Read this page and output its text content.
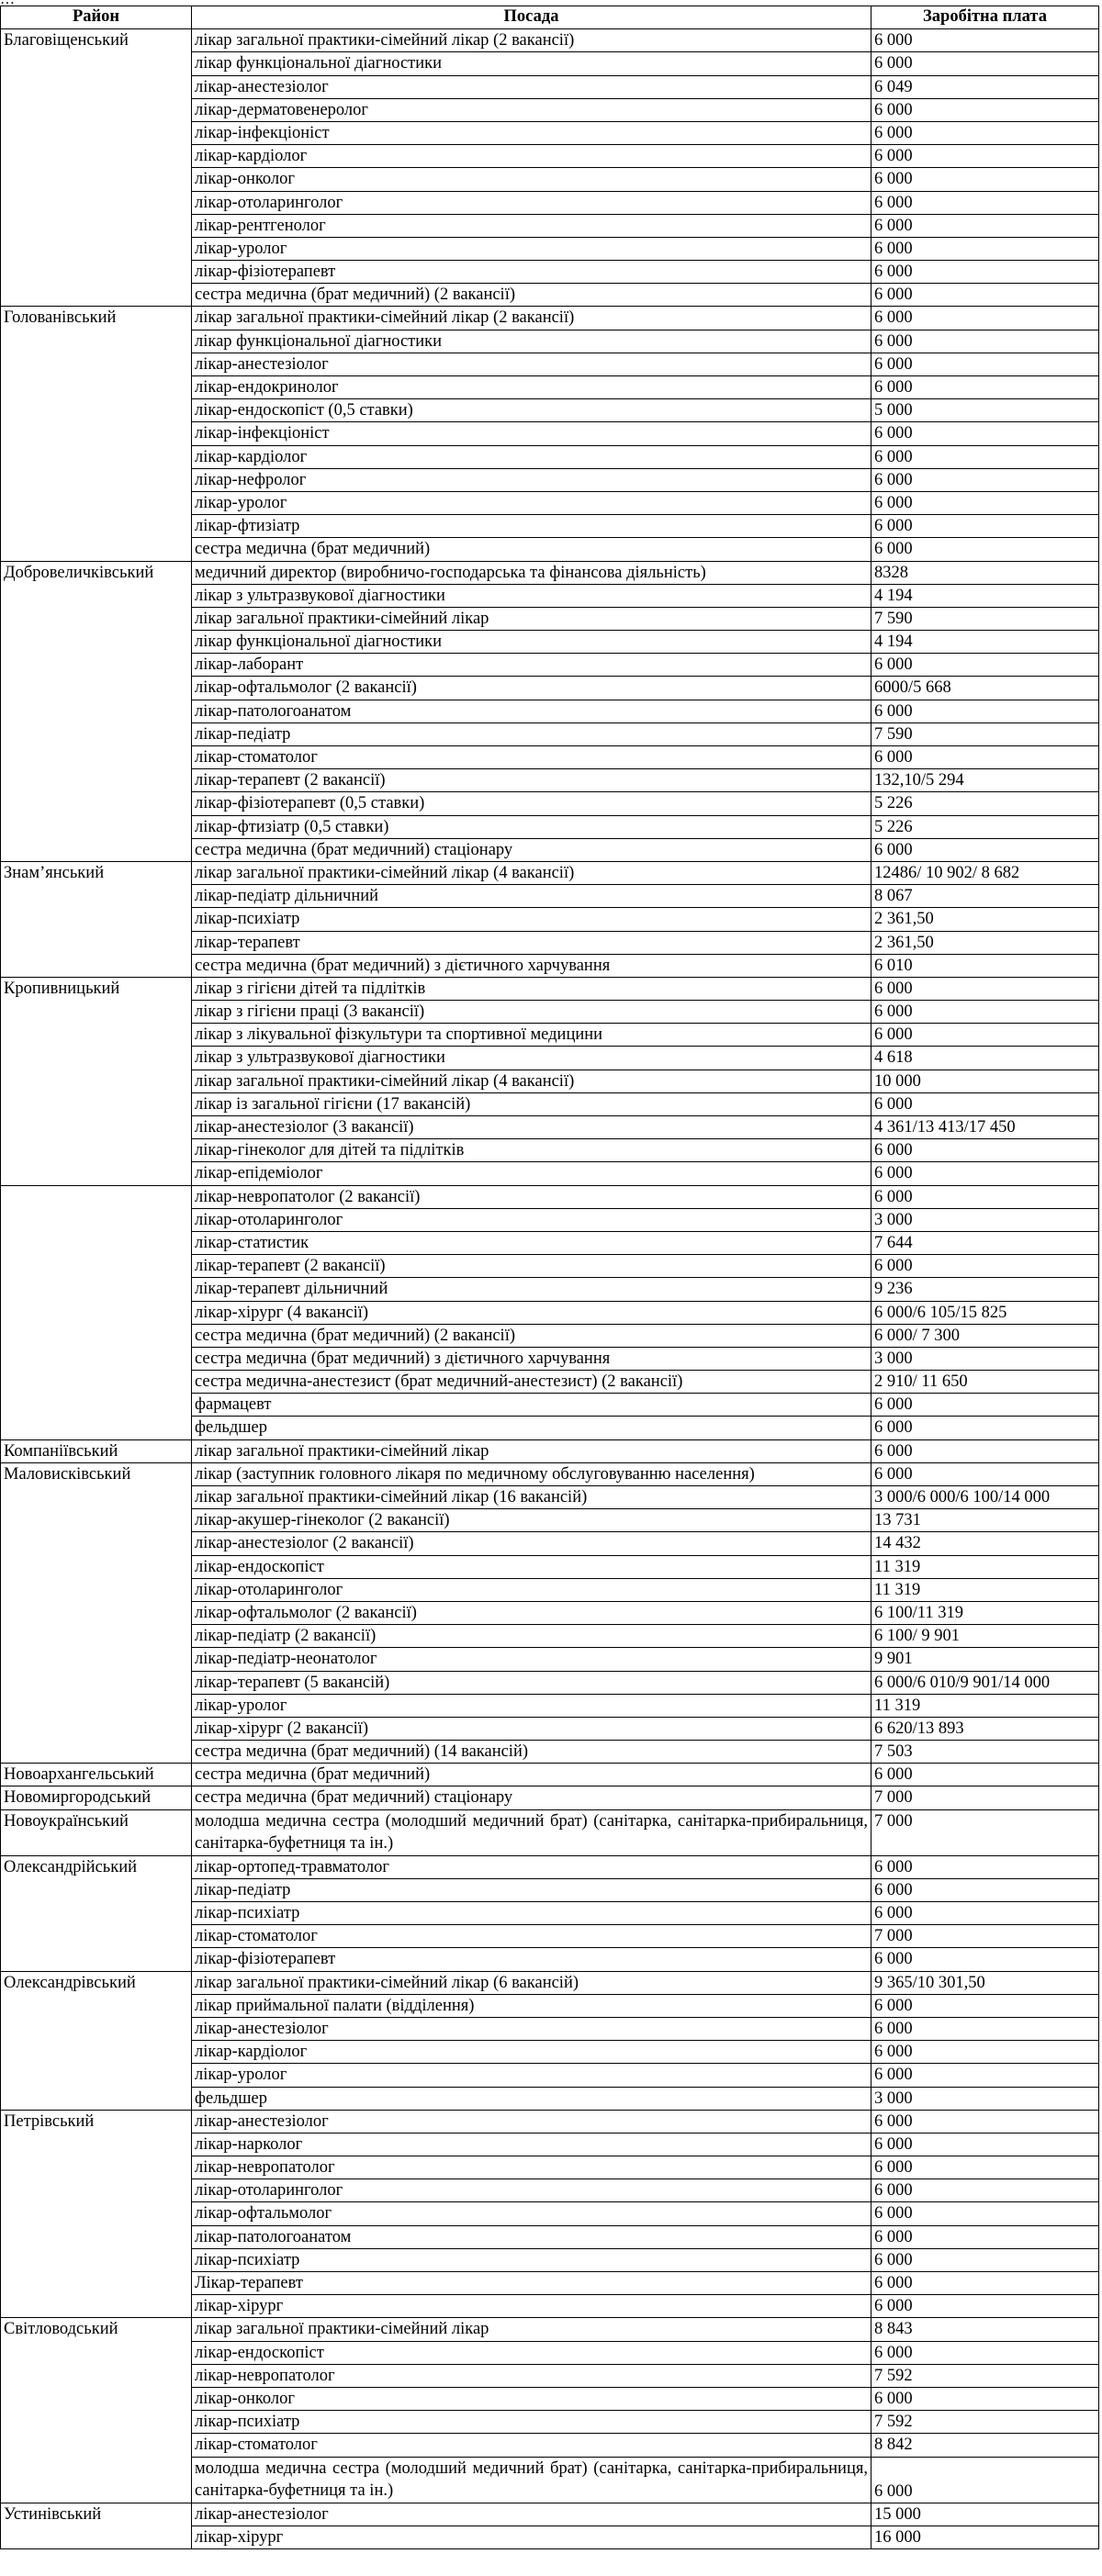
Район	Посада	Заробітна плата
Благовіщенський	лікар загальної практики-сімейний лікар (2 вакансії)	6 000
	лікар функціональної діагностики	6 000
	лікар-анестезіолог	6 049
	лікар-дерматовенеролог	6 000
	лікар-інфекціоніст	6 000
	лікар-кардіолог	6 000
	лікар-онколог	6 000
	лікар-отоларинголог	6 000
	лікар-рентгенолог	6 000
	лікар-уролог	6 000
	лікар-фізіотерапевт	6 000
	сестра медична (брат медичний) (2 вакансії)	6 000
Голованівський	лікар загальної практики-сімейний лікар (2 вакансії)	6 000
	лікар функціональної діагностики	6 000
	лікар-анестезіолог	6 000
	лікар-ендокринолог	6 000
	лікар-ендоскопіст (0,5 ставки)	5 000
	лікар-інфекціоніст	6 000
	лікар-кардіолог	6 000
	лікар-нефролог	6 000
	лікар-уролог	6 000
	лікар-фтизіатр	6 000
	сестра медична (брат медичний)	6 000
Добровеличківський	медичний директор (виробничо-господарська та фінансова діяльність)	8328
	лікар з ультразвукової діагностики	4 194
	лікар загальної практики-сімейний лікар	7 590
	лікар функціональної діагностики	4 194
	лікар-лаборант	6 000
	лікар-офтальмолог (2 вакансії)	6000/5 668
	лікар-патологоанатом	6 000
	лікар-педіатр	7 590
	лікар-стоматолог	6 000
	лікар-терапевт (2 вакансії)	132,10/5 294
	лікар-фізіотерапевт (0,5 ставки)	5 226
	лікар-фтизіатр (0,5 ставки)	5 226
	сестра медична (брат медичний) стаціонару	6 000
Знам’янський	лікар загальної практики-сімейний лікар (4 вакансії)	12486/ 10 902/ 8 682
	лікар-педіатр дільничний	8 067
	лікар-психіатр	2 361,50
	лікар-терапевт	2 361,50
	сестра медична (брат медичний) з дієтичного харчування	6 010
Кропивницький	лікар з гігієни дітей та підлітків	6 000
	лікар з гігієни праці (3 вакансії)	6 000
	лікар з лікувальної фізкультури та спортивної медицини	6 000
	лікар з ультразвукової діагностики	4 618
	лікар загальної практики-сімейний лікар (4 вакансії)	10 000
	лікар із загальної гігієни (17 вакансій)	6 000
	лікар-анестезіолог (3 вакансії)	4 361/13 413/17 450
	лікар-гінеколог для дітей та підлітків	6 000
	лікар-епідеміолог	6 000
	лікар-невропатолог (2 вакансії)	6 000
	лікар-отоларинголог	3 000
	лікар-статистик	7 644
	лікар-терапевт (2 вакансії)	6 000
	лікар-терапевт дільничний	9 236
	лікар-хірург (4 вакансії)	6 000/6 105/15 825
	сестра медична (брат медичний) (2 вакансії)	6 000/ 7 300
	сестра медична (брат медичний) з дієтичного харчування	3 000
	сестра медична-анестезист (брат медичний-анестезист) (2 вакансії)	2 910/ 11 650
	фармацевт	6 000
	фельдшер	6 000
Компаніївський	лікар загальної практики-сімейний лікар	6 000
Маловисківський	лікар (заступник головного лікаря по медичному обслуговуванню населення)	6 000
	лікар загальної практики-сімейний лікар (16 вакансій)	3 000/6 000/6 100/14 000
	лікар-акушер-гінеколог (2 вакансії)	13 731
	лікар-анестезіолог (2 вакансії)	14 432
	лікар-ендоскопіст	11 319
	лікар-отоларинголог	11 319
	лікар-офтальмолог (2 вакансії)	6 100/11 319
	лікар-педіатр (2 вакансії)	6 100/ 9 901
	лікар-педіатр-неонатолог	9 901
	лікар-терапевт (5 вакансій)	6 000/6 010/9 901/14 000
	лікар-уролог	11 319
	лікар-хірург (2 вакансії)	6 620/13 893
	сестра медична (брат медичний) (14 вакансій)	7 503
Новоархангельський	сестра медична (брат медичний)	6 000
Новомиргородський	сестра медична (брат медичний) стаціонару	7 000
Новоукраїнський	молодша медична сестра (молодший медичний брат) (санітарка, санітарка-прибиральниця, санітарка-буфетниця та ін.)	7 000
Олександрійський	лікар-ортопед-травматолог	6 000
	лікар-педіатр	6 000
	лікар-психіатр	6 000
	лікар-стоматолог	7 000
	лікар-фізіотерапевт	6 000
Олександрівський	лікар загальної практики-сімейний лікар (6 вакансій)	9 365/10 301,50
	лікар приймальної палати (відділення)	6 000
	лікар-анестезіолог	6 000
	лікар-кардіолог	6 000
	лікар-уролог	6 000
	фельдшер	3 000
Петрівський	лікар-анестезіолог	6 000
	лікар-нарколог	6 000
	лікар-невропатолог	6 000
	лікар-отоларинголог	6 000
	лікар-офтальмолог	6 000
	лікар-патологоанатом	6 000
	лікар-психіатр	6 000
	Лікар-терапевт	6 000
	лікар-хірург	6 000
Світловодський	лікар загальної практики-сімейний лікар	8 843
	лікар-ендоскопіст	6 000
	лікар-невропатолог	7 592
	лікар-онколог	6 000
	лікар-психіатр	7 592
	лікар-стоматолог	8 842
	молодша медична сестра (молодший медичний брат) (санітарка, санітарка-прибиральниця, санітарка-буфетниця та ін.)	6 000
Устинівський	лікар-анестезіолог	15 000
	лікар-хірург	16 000
